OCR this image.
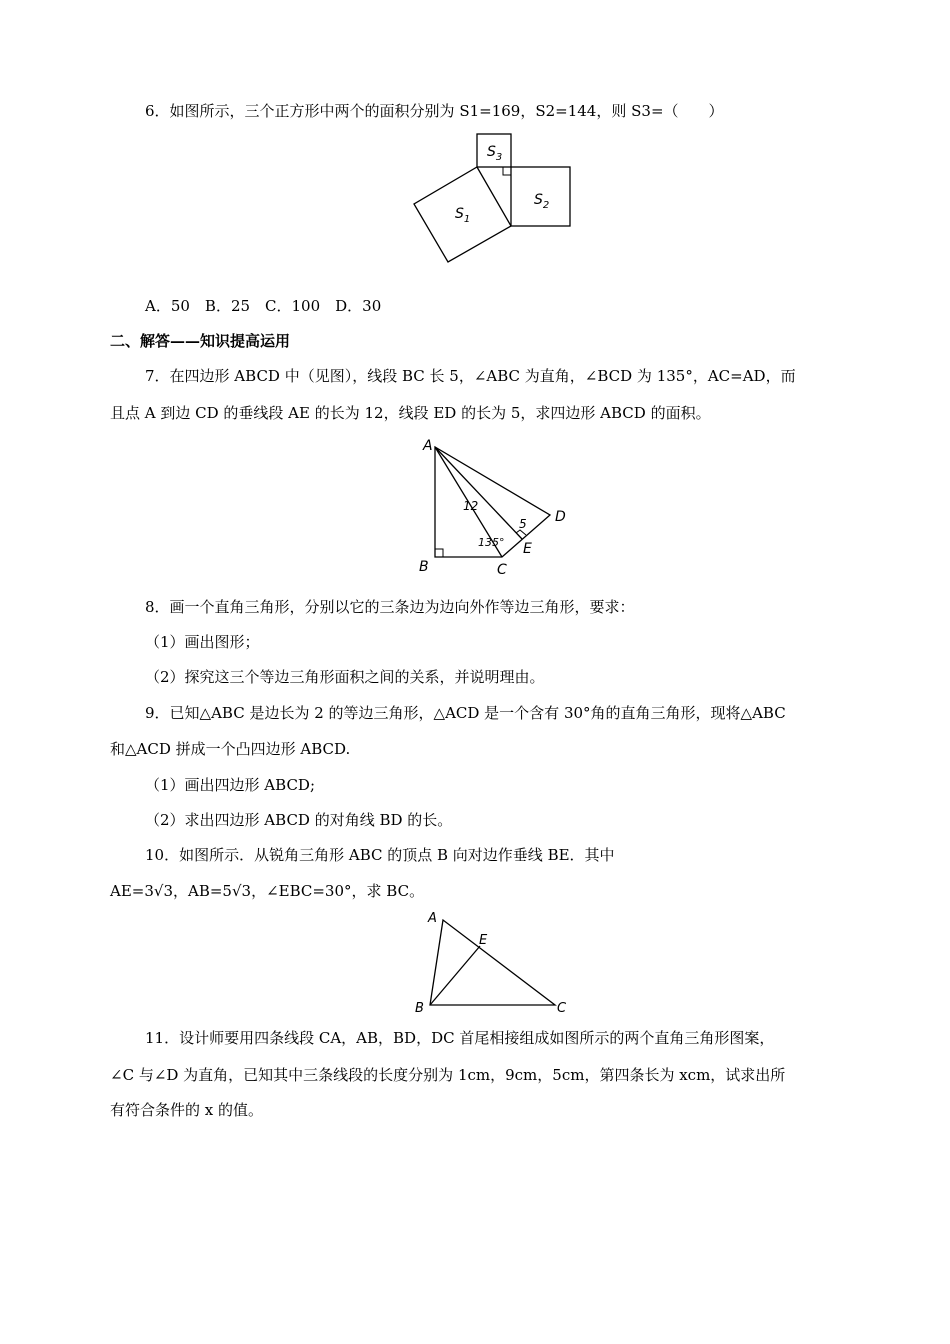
6．如图所示，三个正方形中两个的面积分别为 S1=169，S2=144，则 S3=（　　）
$S_3$
$S_1$
$S_2$
A．50　B．25　C．100　D．30
二、解答——知识提高运用
7．在四边形 ABCD 中（见图），线段 BC 长 5，∠ABC 为直角，∠BCD 为 135°，AC=AD，而
且点 A 到边 CD 的垂线段 AE 的长为 12，线段 ED 的长为 5，求四边形 ABCD 的面积。
A
B	C
D
E
12
5
135°
8．画一个直角三角形，分别以它的三条边为边向外作等边三角形，要求：
（1）画出图形；
（2）探究这三个等边三角形面积之间的关系，并说明理由。
9．已知△ABC 是边长为 2 的等边三角形，△ACD 是一个含有 30°角的直角三角形，现将△ABC
和△ACD 拼成一个凸四边形 ABCD.
（1）画出四边形 ABCD;
（2）求出四边形 ABCD 的对角线 BD 的长。
10．如图所示．从锐角三角形 ABC 的顶点 B 向对边作垂线 BE．其中
AE=3√3，AB=5√3，∠EBC=30°，求 BC。
A
E
B	C
11．设计师要用四条线段 CA，AB，BD，DC 首尾相接组成如图所示的两个直角三角形图案，
∠C 与∠D 为直角，已知其中三条线段的长度分别为 1cm，9cm，5cm，第四条长为 xcm，试求出所
有符合条件的 x 的值。
